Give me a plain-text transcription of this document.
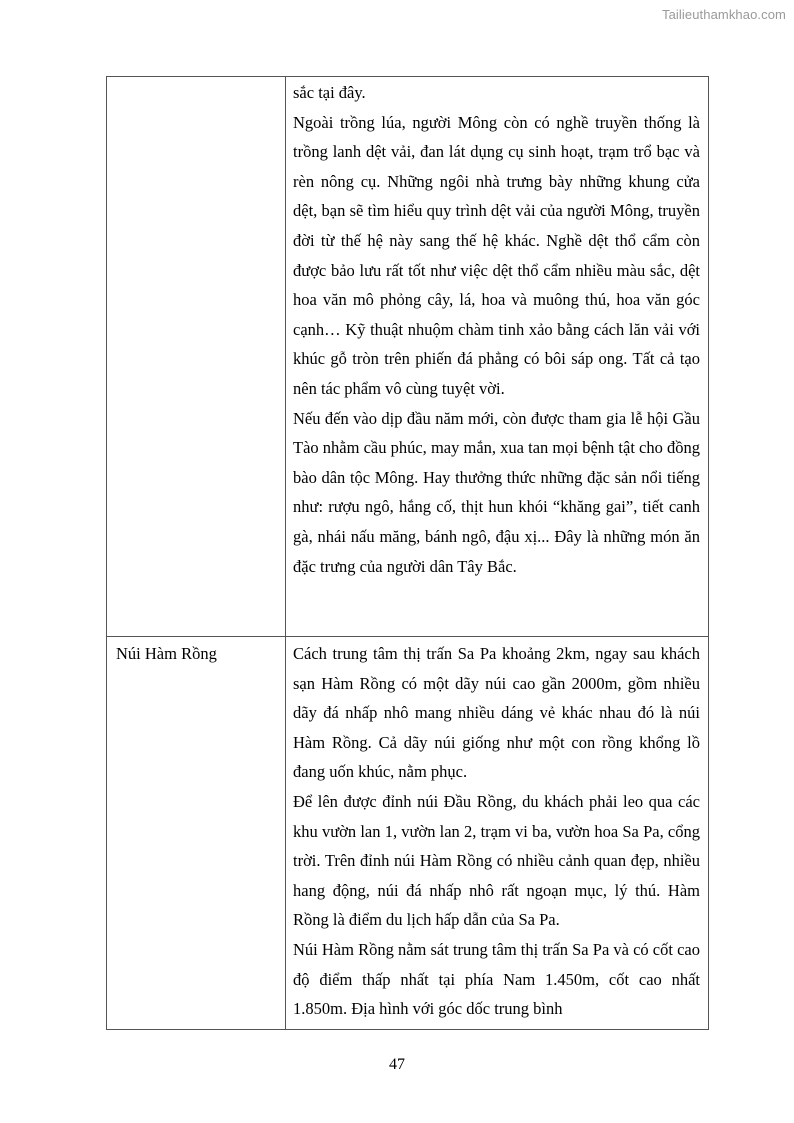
Tailieuthamkhao.com

	sắc tại đây.

Ngoài trồng lúa, người Mông còn có nghề truyền thống là trồng lanh dệt vải, đan lát dụng cụ sinh hoạt, trạm trổ bạc và rèn nông cụ. Những ngôi nhà trưng bày những khung cửa dệt, bạn sẽ tìm hiểu quy trình dệt vải của người Mông, truyền đời từ thế hệ này sang thế hệ khác. Nghề dệt thổ cẩm còn được bảo lưu rất tốt như việc dệt thổ cẩm nhiều màu sắc, dệt hoa văn mô phỏng cây, lá, hoa và muông thú, hoa văn góc cạnh… Kỹ thuật nhuộm chàm tinh xảo bằng cách lăn vải với khúc gỗ tròn trên phiến đá phẳng có bôi sáp ong. Tất cả tạo nên tác phẩm vô cùng tuyệt vời.

Nếu đến vào dịp đầu năm mới, còn được tham gia lễ hội Gầu Tào nhằm cầu phúc, may mắn, xua tan mọi bệnh tật cho đồng bào dân tộc Mông. Hay thưởng thức những đặc sản nổi tiếng như: rượu ngô, hắng cố, thịt hun khói “khăng gai”, tiết canh gà, nhái nấu măng, bánh ngô, đậu xị... Đây là những món ăn đặc trưng của người dân Tây Bắc.

Núi Hàm Rồng	Cách trung tâm thị trấn Sa Pa khoảng 2km, ngay sau khách sạn Hàm Rồng có một dãy núi cao gần 2000m, gồm nhiều dãy đá nhấp nhô mang nhiều dáng vẻ khác nhau đó là núi Hàm Rồng. Cả dãy núi giống như một con rồng khổng lồ đang uốn khúc, nằm phục.

Để lên được đỉnh núi Đầu Rồng, du khách phải leo qua các khu vườn lan 1, vườn lan 2, trạm vi ba, vườn hoa Sa Pa, cổng trời. Trên đỉnh núi Hàm Rồng có nhiều cảnh quan đẹp, nhiều hang động, núi đá nhấp nhô rất ngoạn mục, lý thú. Hàm Rồng là điểm du lịch hấp dẫn của Sa Pa.

Núi Hàm Rồng nằm sát trung tâm thị trấn Sa Pa và có cốt cao độ điểm thấp nhất tại phía Nam 1.450m, cốt cao nhất 1.850m. Địa hình với góc dốc trung bình

47
